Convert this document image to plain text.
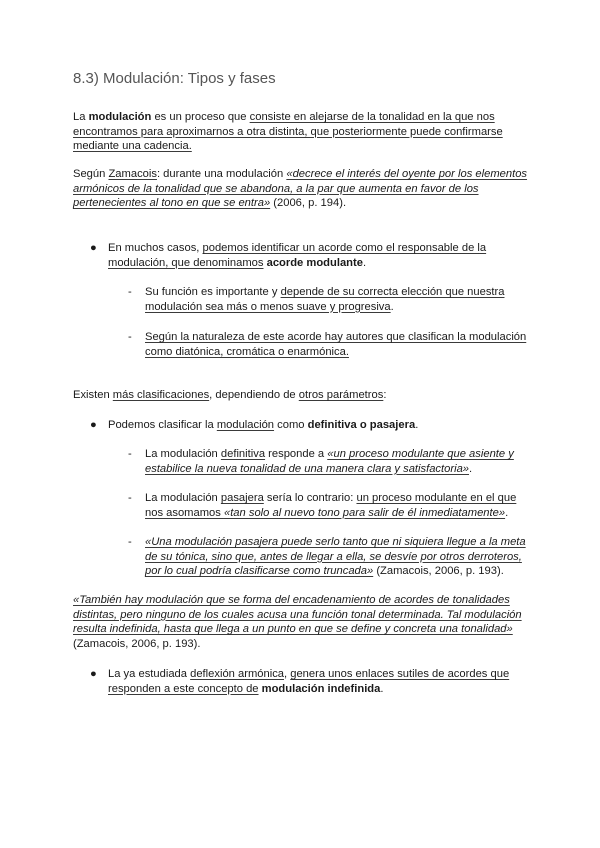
8.3) Modulación: Tipos y fases
La modulación es un proceso que consiste en alejarse de la tonalidad en la que nos encontramos para aproximarnos a otra distinta, que posteriormente puede confirmarse mediante una cadencia.
Según Zamacois: durante una modulación «decrece el interés del oyente por los elementos armónicos de la tonalidad que se abandona, a la par que aumenta en favor de los pertenecientes al tono en que se entra» (2006, p. 194).
● En muchos casos, podemos identificar un acorde como el responsable de la modulación, que denominamos acorde modulante.
-	Su función es importante y depende de su correcta elección que nuestra modulación sea más o menos suave y progresiva.
-	Según la naturaleza de este acorde hay autores que clasifican la modulación como diatónica, cromática o enarmónica.
Existen más clasificaciones, dependiendo de otros parámetros:
● Podemos clasificar la modulación como definitiva o pasajera.
-	La modulación definitiva responde a «un proceso modulante que asiente y estabilice la nueva tonalidad de una manera clara y satisfactoria».
-	La modulación pasajera sería lo contrario: un proceso modulante en el que nos asomamos «tan solo al nuevo tono para salir de él inmediatamente».
-	«Una modulación pasajera puede serlo tanto que ni siquiera llegue a la meta de su tónica, sino que, antes de llegar a ella, se desvíe por otros derroteros, por lo cual podría clasificarse como truncada» (Zamacois, 2006, p. 193).
«También hay modulación que se forma del encadenamiento de acordes de tonalidades distintas, pero ninguno de los cuales acusa una función tonal determinada. Tal modulación resulta indefinida, hasta que llega a un punto en que se define y concreta una tonalidad» (Zamacois, 2006, p. 193).
● La ya estudiada deflexión armónica, genera unos enlaces sutiles de acordes que responden a este concepto de modulación indefinida.
